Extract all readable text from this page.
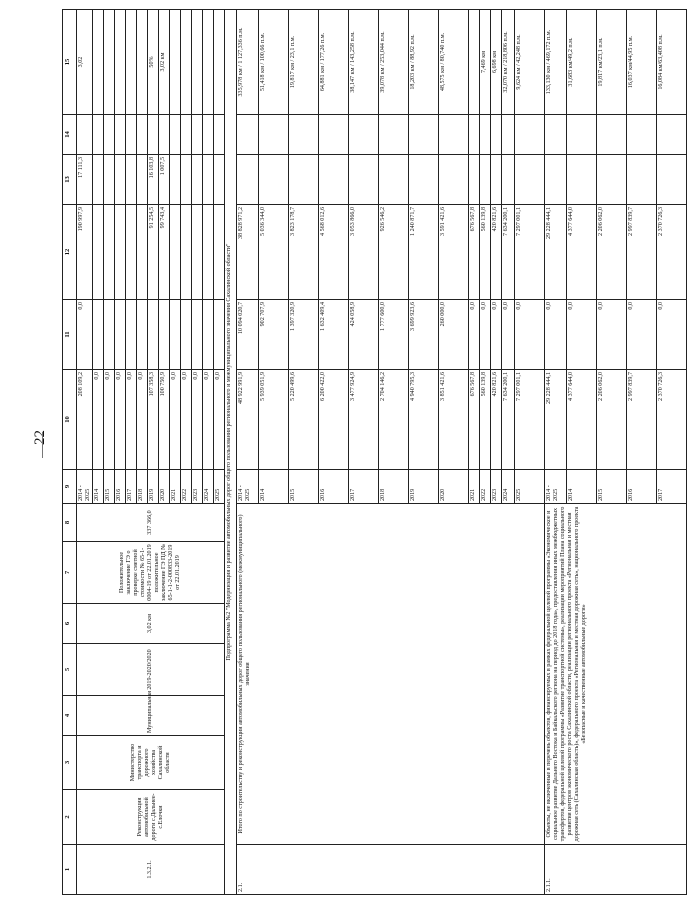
22
1	2	3	4	5	6	7	8	9	10	11	12	13	14	15
1.3.2.1.	Реконструкция автомобильной дороги с.Дальнее-с.Елочки	Министерство транспорта и дорожного хозяйства Сахалинской области	Муниципальная	2019-2020/2020	3,02 км	Положительное заключение ГЭ о проверке сметной стоимости № 65-1-0004-19 от 22.01.2019 положительное заключение ГЭ ПД № 65-1-1-2-000833-2019 от 22.01.2019	337 366,0	2014 - 2025	208 109,2	0,0	190 997,9	17 111,3		3,02
								2014	0,0					
								2015	0,0					
								2016	0,0					
								2017	0,0					
								2018	0,0					
								2019	107 358,3		91 254,5	16 103,8		50%
								2020	100 750,9		99 743,4	1 007,5		3,02 км
								2021	0,0					
								2022	0,0					
								2023	0,0					
								2024	0,0					
								2025	0,0					
Подпрограмма №2 "Модернизация и развитие автомобильных дорог общего пользования регионального и межмуниципального значения Сахалинской области"														
2.1.	Итого по строительству и реконструкции автомобильных дорог общего пользования регионального (межмуниципального) значения							2014 - 2025	48 922 991,9	10 094 020,7	38 828 971,2			335,978 км / 1 127,336 п.м.
								2014	5 939 051,9	902 707,9	5 036 344,0			51,418 км / 100,66 п.м.
								2015	5 220 499,6	1 397 320,9	3 823 178,7			19,817 км / 23,1 п.м.
								2016	6 200 422,0	1 632 409,4	4 568 012,6			64,881 км / 177,26 п.м.
								2017	3 477 924,9	424 058,9	3 053 866,0			38,147 км / 143,258 п.м.
								2018	2 704 146,2	1 777 600,0	926 546,2			39,078 км / 253,044 п.м.
								2019	4 940 795,3	3 699 923,6	1 240 871,7			18,203 км / 88,92 п.м.
								2020	3 851 421,6	260 000,0	3 591 421,6			48,575 км / 80,740 п.м.
								2021	676 567,8	0,0	676 567,8			
								2022	560 139,8	0,0	560 139,8			7,469 км
								2023	420 821,6	0,0	420 821,6			6,698 км
								2024	7 634 200,1	0,0	7 634 200,1			32,070 км / 218,806 п.м.
								2025	7 297 001,1	0,0	7 297 001,1			9,624 км / 42,248 п.м.
2.1.1.	Объекты, не включенные в перечень объектов, финансируемых в рамках федеральной целевой программы «Экономическое и социальное развитие Дальнего Востока и Байкальского региона на период до 2018 года», предоставления иных межбюджетных трансфертов, федеральной целевой программы «Развитие транспортной системы», реализации мероприятий Плана социального развития центров экономического роста Сахалинской области, реализации регионального проекта «Региональная и местная дорожная сеть (Сахалинская область)», федерального проекта «Региональная и местная дорожная сеть», национального проекта «Безопасные и качественные автомобильные дороги»							2014 - 2025	29 228 444,1	0,0	29 228 444,1			133,130 км / 469,172 п.м.
								2014	4 377 644,0	0,0	4 377 644,0			31,683 км/49,2 п.м.
								2015	2 206 062,0	0,0	2 206 062,0			19,817 км/23,1 п.м.
								2016	2 997 839,7	0,0	2 997 839,7			16,037 км/44,95 п.м.
								2017	2 370 726,3	0,0	2 370 726,3			16,084 км/63,408 п.м.
